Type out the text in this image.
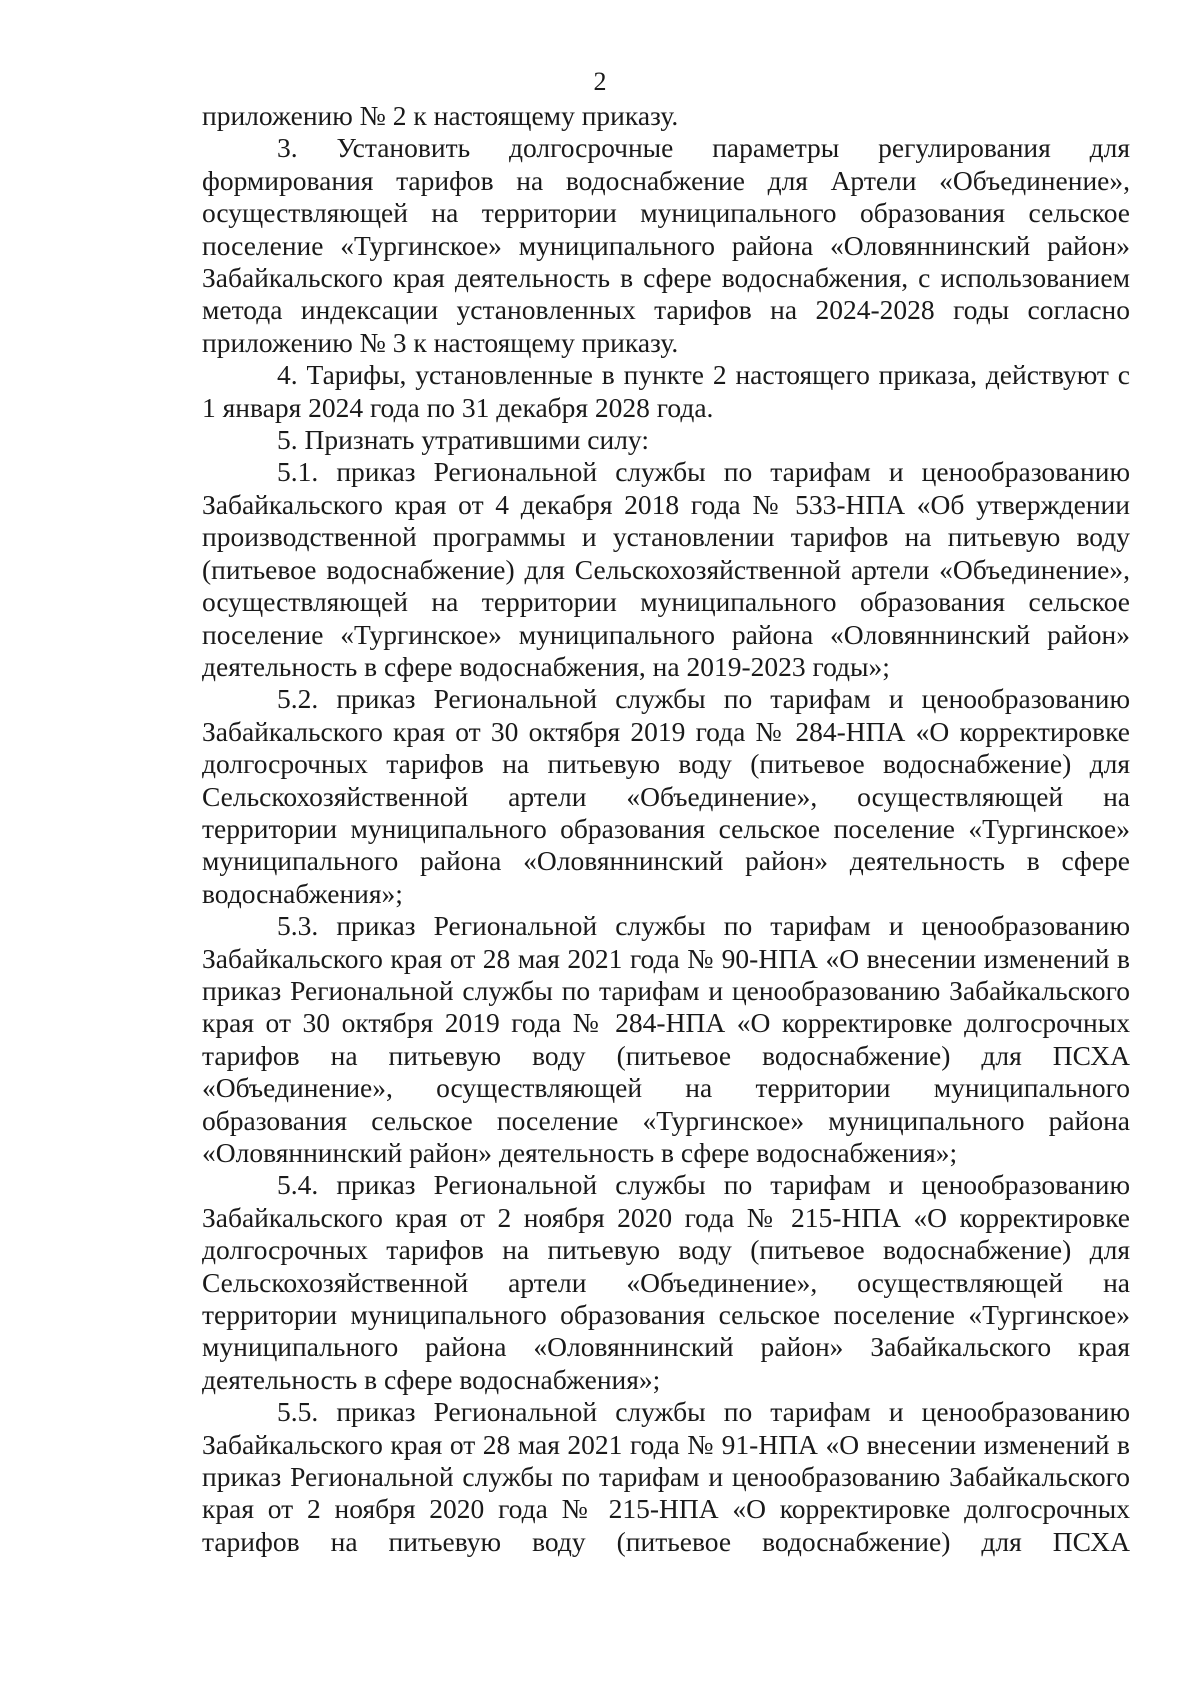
2

приложению № 2 к настоящему приказу.

3. Установить долгосрочные параметры регулирования для формирования тарифов на водоснабжение для Артели «Объединение», осуществляющей на территории муниципального образования сельское поселение «Тургинское» муниципального района «Оловяннинский район» Забайкальского края деятельность в сфере водоснабжения, с использованием метода индексации установленных тарифов на 2024-2028 годы согласно приложению № 3 к настоящему приказу.

4. Тарифы, установленные в пункте 2 настоящего приказа, действуют с 1 января 2024 года по 31 декабря 2028 года.

5. Признать утратившими силу:

5.1. приказ Региональной службы по тарифам и ценообразованию Забайкальского края от 4 декабря 2018 года № 533-НПА «Об утверждении производственной программы и установлении тарифов на питьевую воду (питьевое водоснабжение) для Сельскохозяйственной артели «Объединение», осуществляющей на территории муниципального образования сельское поселение «Тургинское» муниципального района «Оловяннинский район» деятельность в сфере водоснабжения, на 2019-2023 годы»;

5.2. приказ Региональной службы по тарифам и ценообразованию Забайкальского края от 30 октября 2019 года № 284-НПА «О корректировке долгосрочных тарифов на питьевую воду (питьевое водоснабжение) для Сельскохозяйственной артели «Объединение», осуществляющей на территории муниципального образования сельское поселение «Тургинское» муниципального района «Оловяннинский район» деятельность в сфере водоснабжения»;

5.3. приказ Региональной службы по тарифам и ценообразованию Забайкальского края от 28 мая 2021 года № 90-НПА «О внесении изменений в приказ Региональной службы по тарифам и ценообразованию Забайкальского края от 30 октября 2019 года № 284-НПА «О корректировке долгосрочных тарифов на питьевую воду (питьевое водоснабжение) для ПСХА «Объединение», осуществляющей на территории муниципального образования сельское поселение «Тургинское» муниципального района «Оловяннинский район» деятельность в сфере водоснабжения»;

5.4. приказ Региональной службы по тарифам и ценообразованию Забайкальского края от 2 ноября 2020 года № 215-НПА «О корректировке долгосрочных тарифов на питьевую воду (питьевое водоснабжение) для Сельскохозяйственной артели «Объединение», осуществляющей на территории муниципального образования сельское поселение «Тургинское» муниципального района «Оловяннинский район» Забайкальского края деятельность в сфере водоснабжения»;

5.5. приказ Региональной службы по тарифам и ценообразованию Забайкальского края от 28 мая 2021 года № 91-НПА «О внесении изменений в приказ Региональной службы по тарифам и ценообразованию Забайкальского края от 2 ноября 2020 года № 215-НПА «О корректировке долгосрочных тарифов на питьевую воду (питьевое водоснабжение) для ПСХА
